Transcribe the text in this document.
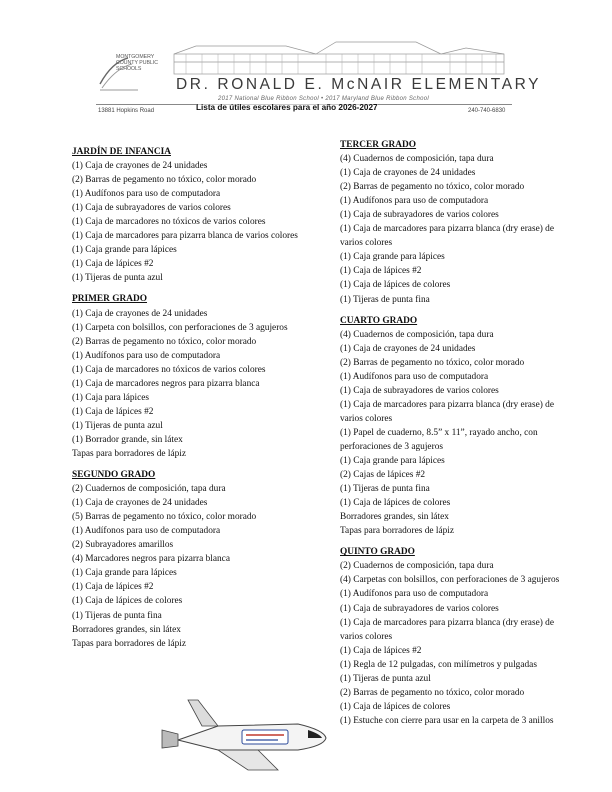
MONTGOMERY
COUNTY PUBLIC
SCHOOLS
DR. RONALD E. McNAIR ELEMENTARY
2017 National Blue Ribbon School • 2017 Maryland Blue Ribbon School
13881 Hopkins Road	240-740-6830
Lista de útiles escolares para el año 2026-2027
JARDÍN DE INFANCIA
(1) Caja de crayones de 24 unidades
(2) Barras de pegamento no tóxico, color morado
(1) Audífonos para uso de computadora
(1) Caja de subrayadores de varios colores
(1) Caja de marcadores no tóxicos de varios colores
(1) Caja de marcadores para pizarra blanca de varios colores
(1) Caja grande para lápices
(1) Caja de lápices #2
(1) Tijeras de punta azul
PRIMER GRADO
(1) Caja de crayones de 24 unidades
(1) Carpeta con bolsillos, con perforaciones de 3 agujeros
(2) Barras de pegamento no tóxico, color morado
(1) Audífonos para uso de computadora
(1) Caja de marcadores no tóxicos de varios colores
(1) Caja de marcadores negros para pizarra blanca
(1) Caja para lápices
(1) Caja de lápices #2
(1) Tijeras de punta azul
(1) Borrador grande, sin látex
Tapas para borradores de lápiz
SEGUNDO GRADO
(2) Cuadernos de composición, tapa dura
(1) Caja de crayones de 24 unidades
(5) Barras de pegamento no tóxico, color morado
(1) Audífonos para uso de computadora
(2) Subrayadores amarillos
(4) Marcadores negros para pizarra blanca
(1) Caja grande para lápices
(1) Caja de lápices #2
(1) Caja de lápices de colores
(1) Tijeras de punta fina
Borradores grandes, sin látex
Tapas para borradores de lápiz
TERCER GRADO
(4) Cuadernos de composición, tapa dura
(1) Caja de crayones de 24 unidades
(2) Barras de pegamento no tóxico, color morado
(1) Audífonos para uso de computadora
(1) Caja de subrayadores de varios colores
(1) Caja de marcadores para pizarra blanca (dry erase) de varios colores
(1) Caja grande para lápices
(1) Caja de lápices #2
(1) Caja de lápices de colores
(1) Tijeras de punta fina
CUARTO GRADO
(4) Cuadernos de composición, tapa dura
(1) Caja de crayones de 24 unidades
(2) Barras de pegamento no tóxico, color morado
(1) Audífonos para uso de computadora
(1) Caja de subrayadores de varios colores
(1) Caja de marcadores para pizarra blanca (dry erase) de varios colores
(1) Papel de cuaderno, 8.5” x 11”, rayado ancho, con perforaciones de 3 agujeros
(1) Caja grande para lápices
(2) Cajas de lápices #2
(1) Tijeras de punta fina
(1) Caja de lápices de colores
Borradores grandes, sin látex
Tapas para borradores de lápiz
QUINTO GRADO
(2) Cuadernos de composición, tapa dura
(4) Carpetas con bolsillos, con perforaciones de 3 agujeros
(1) Audífonos para uso de computadora
(1) Caja de subrayadores de varios colores
(1) Caja de marcadores para pizarra blanca (dry erase) de varios colores
(1) Caja de lápices #2
(1) Regla de 12 pulgadas, con milímetros y pulgadas
(1) Tijeras de punta azul
(2) Barras de pegamento no tóxico, color morado
(1) Caja de lápices de colores
(1) Estuche con cierre para usar en la carpeta de 3 anillos
